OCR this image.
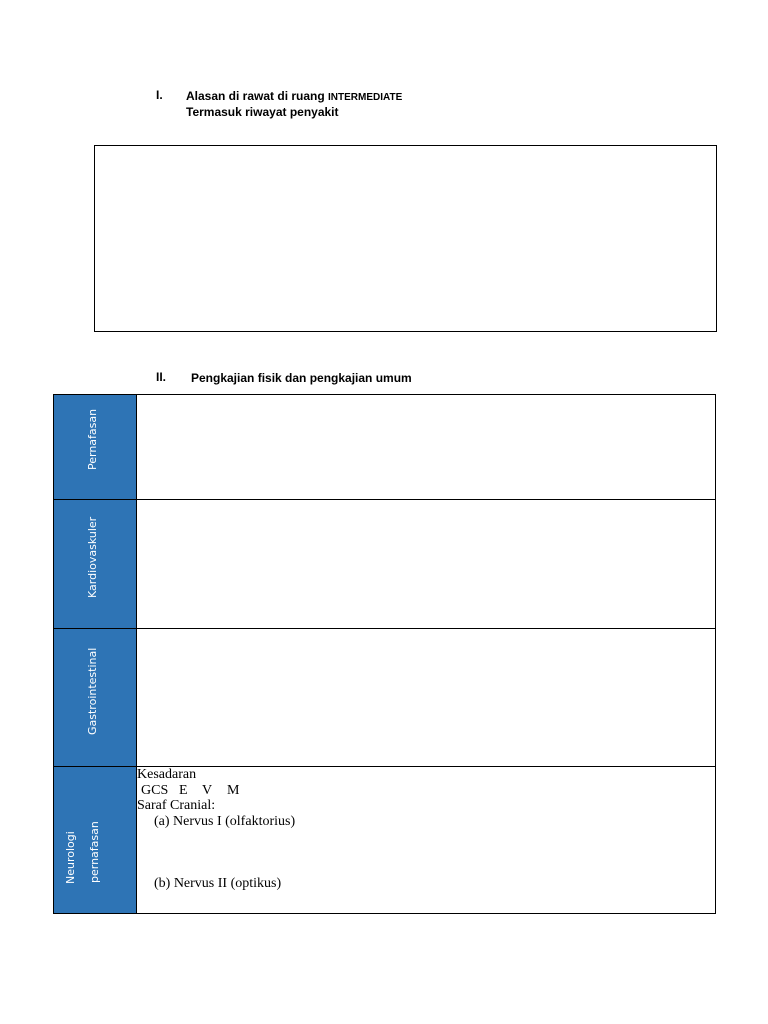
I. Alasan di rawat di ruang INTERMEDIATE
Termasuk riwayat penyakit
II. Pengkajian fisik dan pengkajian umum
Pernafasan
Kardiovaskuler
Gastrointestinal
Neurologi pernafasan
Kesadaran
GCS E V M
Saraf Cranial:
(a) Nervus I (olfaktorius)
(b) Nervus II (optikus)
